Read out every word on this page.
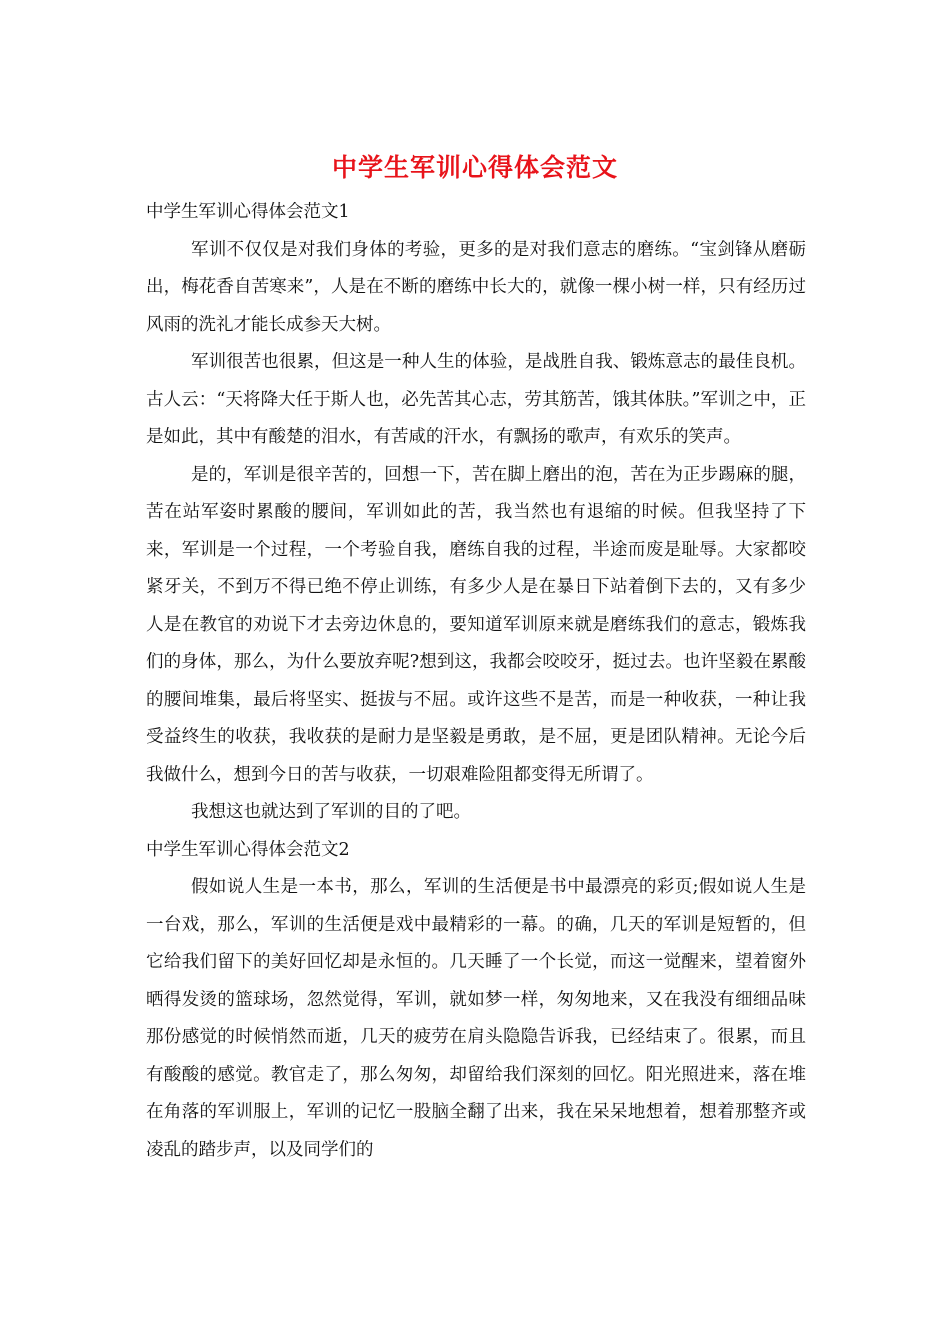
中学生军训心得体会范文

中学生军训心得体会范文1

军训不仅仅是对我们身体的考验，更多的是对我们意志的磨练。“宝剑锋从磨砺出，梅花香自苦寒来”，人是在不断的磨练中长大的，就像一棵小树一样，只有经历过风雨的洗礼才能长成参天大树。

军训很苦也很累，但这是一种人生的体验，是战胜自我、锻炼意志的最佳良机。古人云：“天将降大任于斯人也，必先苦其心志，劳其筋苦，饿其体肤。”军训之中，正是如此，其中有酸楚的泪水，有苦咸的汗水，有飘扬的歌声，有欢乐的笑声。

是的，军训是很辛苦的，回想一下，苦在脚上磨出的泡，苦在为正步踢麻的腿，苦在站军姿时累酸的腰间，军训如此的苦，我当然也有退缩的时候。但我坚持了下来，军训是一个过程，一个考验自我，磨练自我的过程，半途而废是耻辱。大家都咬紧牙关，不到万不得已绝不停止训练，有多少人是在暴日下站着倒下去的，又有多少人是在教官的劝说下才去旁边休息的，要知道军训原来就是磨练我们的意志，锻炼我们的身体，那么，为什么要放弃呢?想到这，我都会咬咬牙，挺过去。也许坚毅在累酸的腰间堆集，最后将坚实、挺拔与不屈。或许这些不是苦，而是一种收获，一种让我受益终生的收获，我收获的是耐力是坚毅是勇敢，是不屈，更是团队精神。无论今后我做什么，想到今日的苦与收获，一切艰难险阻都变得无所谓了。

我想这也就达到了军训的目的了吧。

中学生军训心得体会范文2

假如说人生是一本书，那么，军训的生活便是书中最漂亮的彩页;假如说人生是一台戏，那么，军训的生活便是戏中最精彩的一幕。的确，几天的军训是短暂的，但它给我们留下的美好回忆却是永恒的。几天睡了一个长觉，而这一觉醒来，望着窗外晒得发烫的篮球场，忽然觉得，军训，就如梦一样，匆匆地来，又在我没有细细品味那份感觉的时候悄然而逝，几天的疲劳在肩头隐隐告诉我，已经结束了。很累，而且有酸酸的感觉。教官走了，那么匆匆，却留给我们深刻的回忆。阳光照进来，落在堆在角落的军训服上，军训的记忆一股脑全翻了出来，我在呆呆地想着，想着那整齐或凌乱的踏步声，以及同学们的
